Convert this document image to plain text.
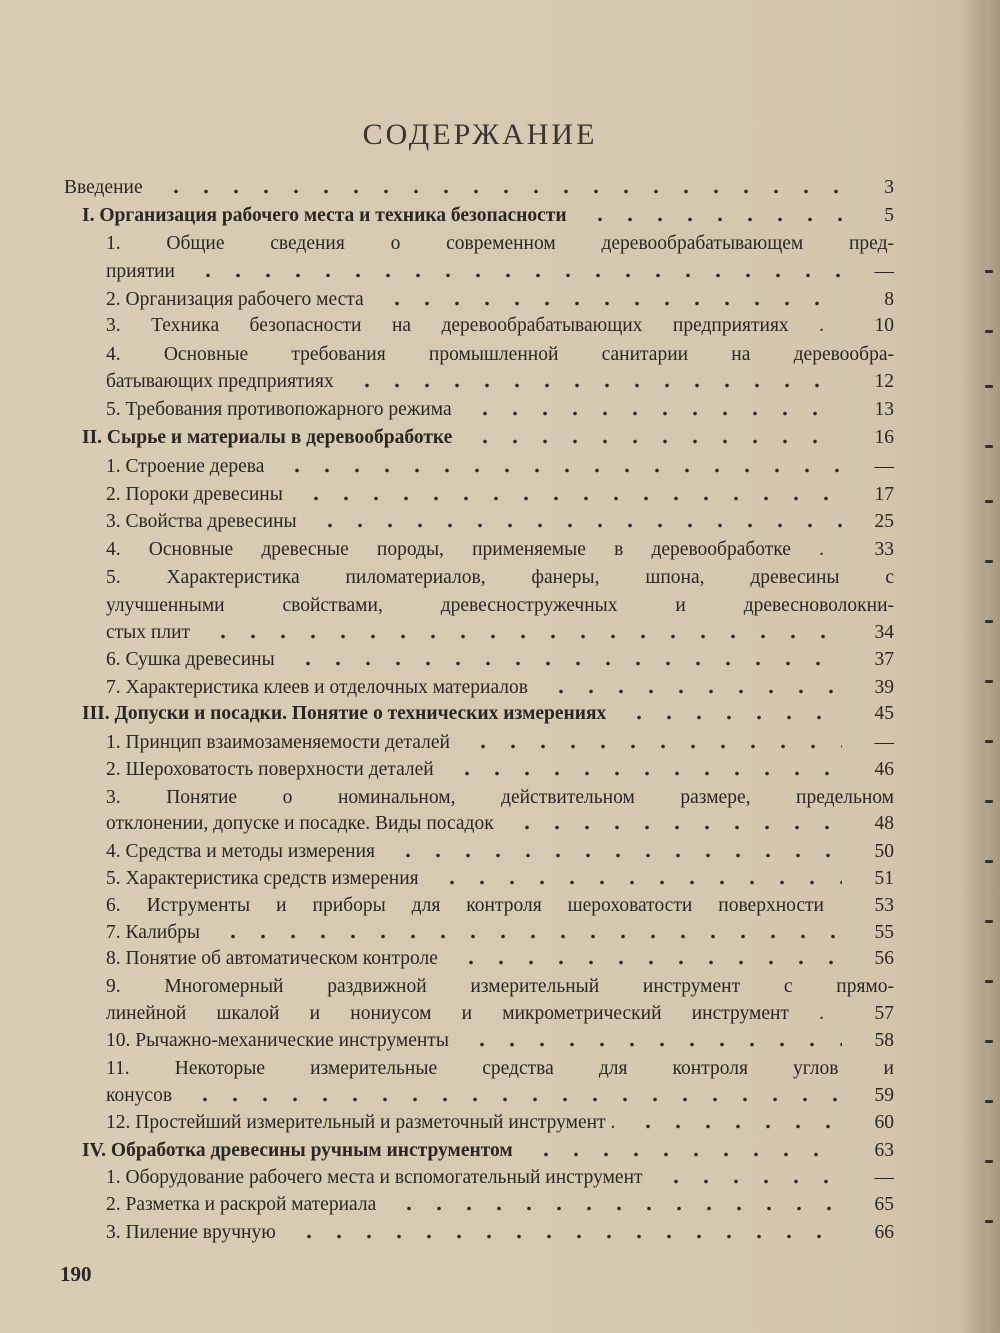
СОДЕРЖАНИЕ
Введение	3
I. Организация рабочего места и техника безопасности	5
1. Общие сведения о современном деревообрабатывающем пред-
приятии	—
2. Организация рабочего места	8
3. Техника безопасности на деревообрабатывающих предприятиях .	10
4. Основные требования промышленной санитарии на деревообра-
батывающих предприятиях	12
5. Требования противопожарного режима	13
II. Сырье и материалы в деревообработке	16
1. Строение дерева	—
2. Пороки древесины	17
3. Свойства древесины	25
4. Основные древесные породы, применяемые в деревообработке .	33
5. Характеристика пиломатериалов, фанеры, шпона, древесины с
улучшенными свойствами, древесностружечных и древесноволокни-
стых плит	34
6. Сушка древесины	37
7. Характеристика клеев и отделочных материалов	39
III. Допуски и посадки. Понятие о технических измерениях	45
1. Принцип взаимозаменяемости деталей	—
2. Шероховатость поверхности деталей	46
3. Понятие о номинальном, действительном размере, предельном
отклонении, допуске и посадке. Виды посадок	48
4. Средства и методы измерения	50
5. Характеристика средств измерения	51
6. Иструменты и приборы для контроля шероховатости поверхности	53
7. Калибры	55
8. Понятие об автоматическом контроле	56
9. Многомерный раздвижной измерительный инструмент с прямо-
линейной шкалой и нониусом и микрометрический инструмент .	57
10. Рычажно-механические инструменты	58
11. Некоторые измерительные средства для контроля углов и
конусов	59
12. Простейший измерительный и разметочный инструмент .	60
IV. Обработка древесины ручным инструментом	63
1. Оборудование рабочего места и вспомогательный инструмент	—
2. Разметка и раскрой материала	65
3. Пиление вручную	66
190
